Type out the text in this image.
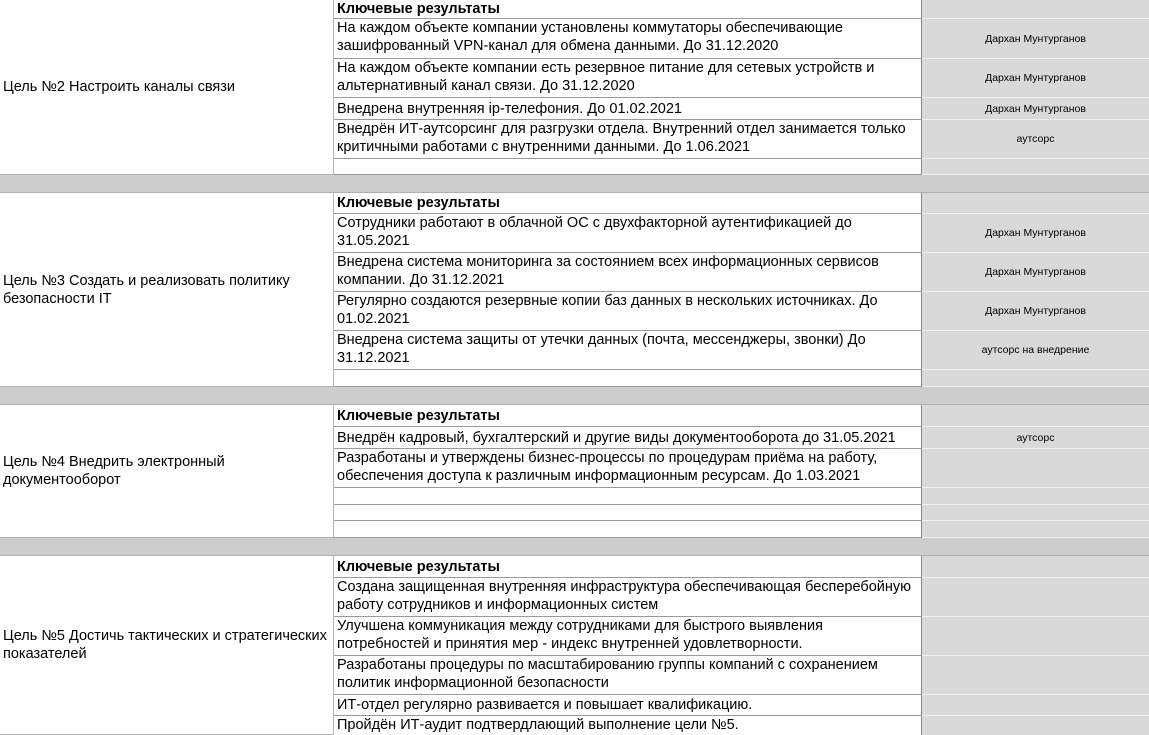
Цель №2 Настроить каналы связи
Ключевые результаты
На каждом объекте компании установлены коммутаторы обеспечивающие зашифрованный VPN-канал для обмена данными. До 31.12.2020	Дархан Мунтурганов
На каждом объекте компании есть резервное питание для сетевых устройств и альтернативный канал связи. До 31.12.2020	Дархан Мунтурганов
Внедрена внутренняя ip-телефония. До 01.02.2021	Дархан Мунтурганов
Внедрён ИТ-аутсорсинг для разгрузки отдела. Внутренний отдел занимается только критичными работами с внутренними данными. До 1.06.2021	аутсорс
Цель №3 Создать и реализовать политику безопасности IT
Ключевые результаты
Сотрудники работают в облачной ОС с двухфакторной аутентификацией до 31.05.2021	Дархан Мунтурганов
Внедрена система мониторинга за состоянием всех информационных сервисов компании. До 31.12.2021	Дархан Мунтурганов
Регулярно создаются резервные копии баз данных в нескольких источниках. До 01.02.2021	Дархан Мунтурганов
Внедрена система защиты от утечки данных (почта, мессенджеры, звонки) До 31.12.2021	аутсорс на внедрение
Цель №4 Внедрить электронный документооборот
Ключевые результаты
Внедрён кадровый, бухгалтерский и другие виды документооборота до 31.05.2021	аутсорс
Разработаны и утверждены бизнес-процессы по процедурам приёма на работу, обеспечения доступа к различным информационным ресурсам. До 1.03.2021
Цель №5 Достичь тактических и стратегических показателей
Ключевые результаты
Создана защищенная внутренняя инфраструктура обеспечивающая бесперебойную работу сотрудников и информационных систем
Улучшена коммуникация между сотрудниками для быстрого выявления потребностей и принятия мер - индекс внутренней удовлетворности.
Разработаны процедуры по масштабированию группы компаний с сохранением политик информационной безопасности
ИТ-отдел регулярно развивается и повышает квалификацию.
Пройдён ИТ-аудит подтвердлающий выполнение цели №5.
